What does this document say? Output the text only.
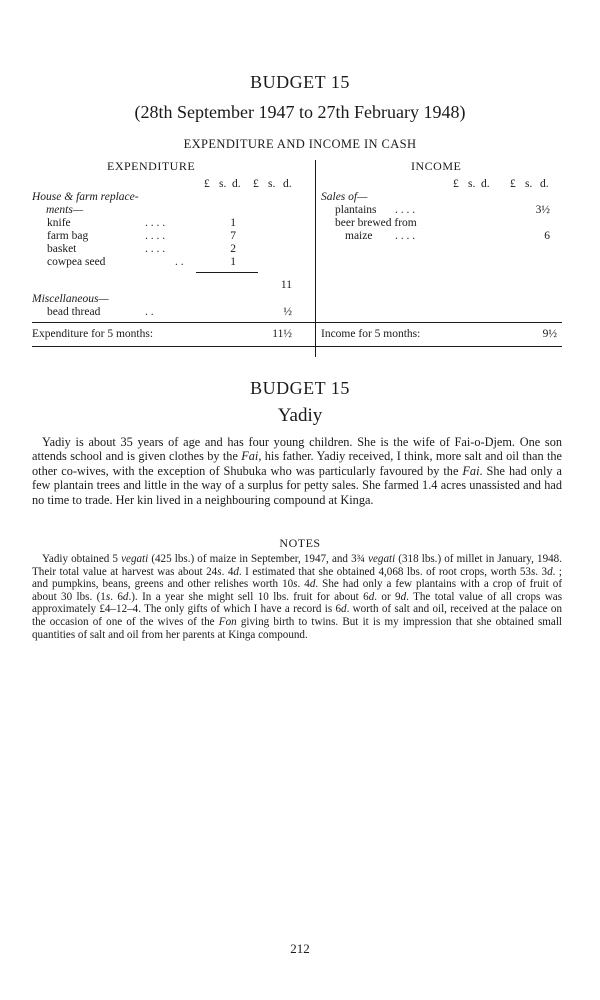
BUDGET 15
(28th September 1947 to 27th February 1948)
EXPENDITURE AND INCOME IN CASH
EXPENDITURE
£ s. d. £ s. d.
House & farm replace-
ments—
knife	. . . .	1
farm bag	. . . .	7
basket	. . . .	2
cowpea seed	. .	1
11
Miscellaneous—
bead thread	. .	½
Expenditure for 5 months:	11½
INCOME
£ s. d. £ s. d.
Sales of—
plantains . . . .	3½
beer brewed from
maize . . . .	6
Income for 5 months:	9½
BUDGET 15
Yadiy
Yadiy is about 35 years of age and has four young children. She is the wife of Fai-o-Djem. One son attends school and is given clothes by the Fai, his father. Yadiy received, I think, more salt and oil than the other co-wives, with the exception of Shubuka who was particularly favoured by the Fai. She had only a few plantain trees and little in the way of a surplus for petty sales. She farmed 1.4 acres unassisted and had no time to trade. Her kin lived in a neighbouring compound at Kinga.
NOTES
Yadiy obtained 5 vegati (425 lbs.) of maize in September, 1947, and 3¾ vegati (318 lbs.) of millet in January, 1948. Their total value at harvest was about 24s. 4d. I estimated that she obtained 4,068 lbs. of root crops, worth 53s. 3d. ; and pumpkins, beans, greens and other relishes worth 10s. 4d. She had only a few plantains with a crop of fruit of about 30 lbs. (1s. 6d.). In a year she might sell 10 lbs. fruit for about 6d. or 9d. The total value of all crops was approximately £4–12–4. The only gifts of which I have a record is 6d. worth of salt and oil, received at the palace on the occasion of one of the wives of the Fon giving birth to twins. But it is my impression that she obtained small quantities of salt and oil from her parents at Kinga compound.
212
